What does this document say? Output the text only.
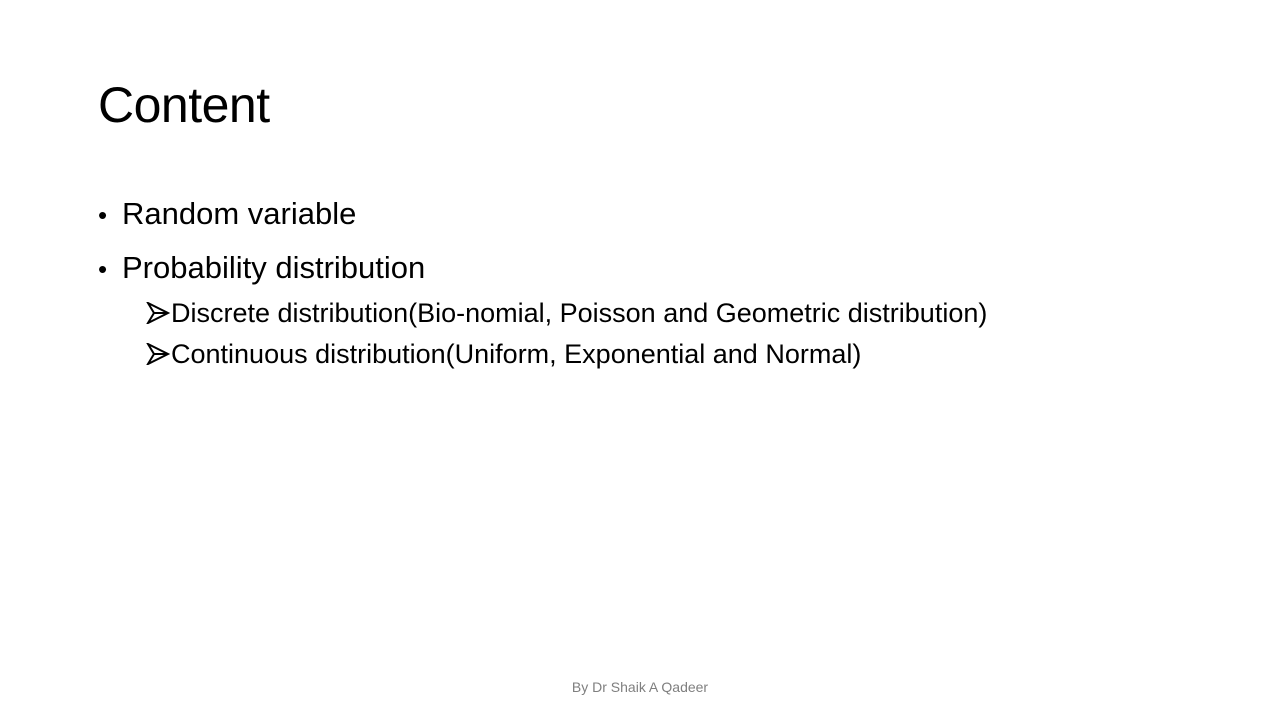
Content
• Random variable
• Probability distribution
Discrete distribution(Bio-nomial, Poisson and Geometric distribution)
Continuous distribution(Uniform, Exponential and Normal)
By Dr Shaik A Qadeer
